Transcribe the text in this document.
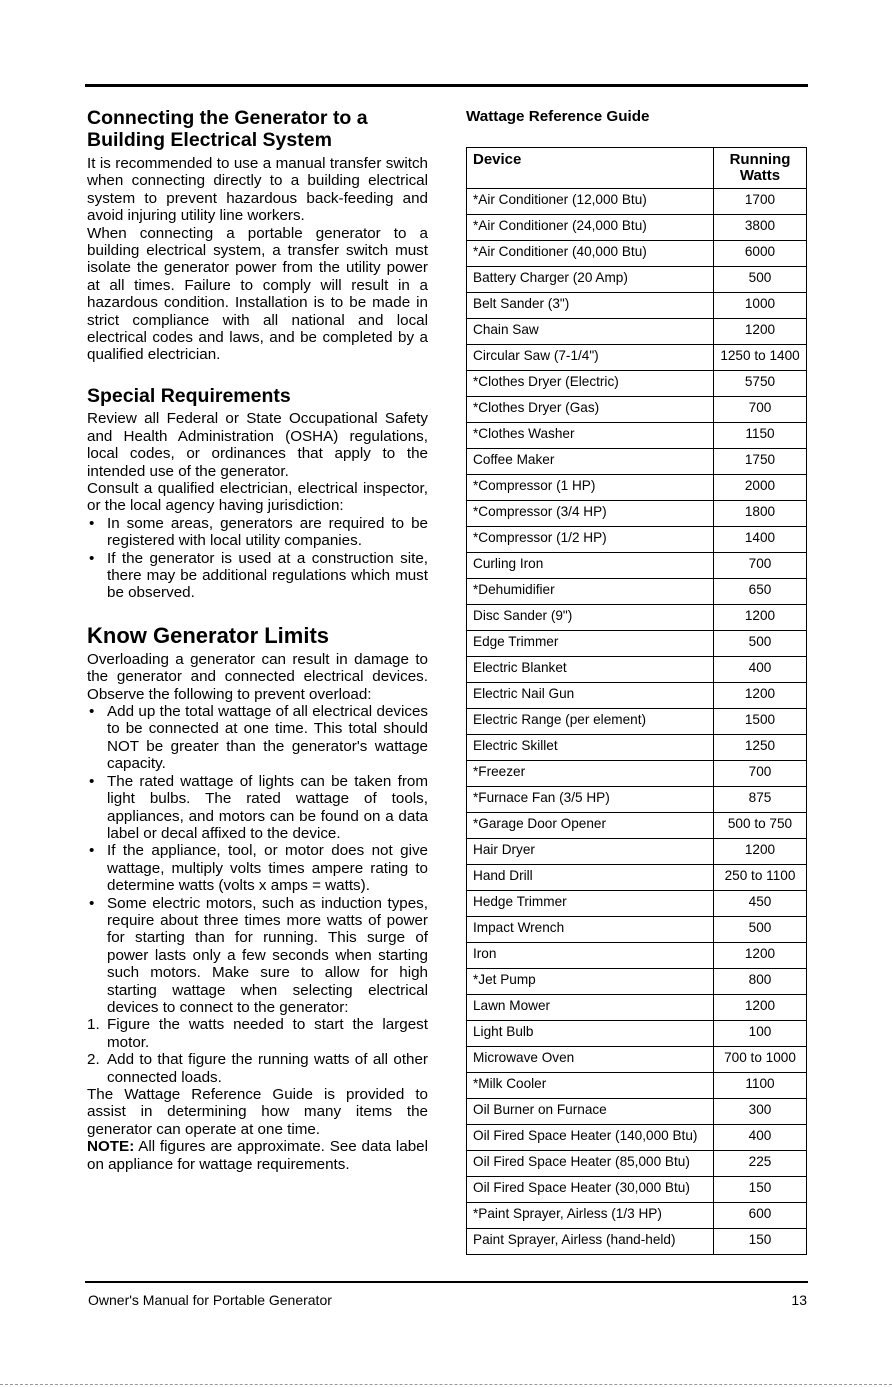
Connecting the Generator to a Building Electrical System

It is recommended to use a manual transfer switch when connecting directly to a building electrical system to prevent hazardous back-feeding and avoid injuring utility line workers.

When connecting a portable generator to a building electrical system, a transfer switch must isolate the generator power from the utility power at all times. Failure to comply will result in a hazardous condition. Installation is to be made in strict compliance with all national and local electrical codes and laws, and be completed by a qualified electrician.

Special Requirements

Review all Federal or State Occupational Safety and Health Administration (OSHA) regulations, local codes, or ordinances that apply to the intended use of the generator.

Consult a qualified electrician, electrical inspector, or the local agency having jurisdiction:

• In some areas, generators are required to be registered with local utility companies.
• If the generator is used at a construction site, there may be additional regulations which must be observed.
Know Generator Limits

Overloading a generator can result in damage to the generator and connected electrical devices. Observe the following to prevent overload:

• Add up the total wattage of all electrical devices to be connected at one time. This total should NOT be greater than the generator's wattage capacity.
• The rated wattage of lights can be taken from light bulbs. The rated wattage of tools, appliances, and motors can be found on a data label or decal affixed to the device.
• If the appliance, tool, or motor does not give wattage, multiply volts times ampere rating to determine watts (volts x amps = watts).
• Some electric motors, such as induction types, require about three times more watts of power for starting than for running. This surge of power lasts only a few seconds when starting such motors. Make sure to allow for high starting wattage when selecting electrical devices to connect to the generator:
1. Figure the watts needed to start the largest motor.
2. Add to that figure the running watts of all other connected loads.

The Wattage Reference Guide is provided to assist in determining how many items the generator can operate at one time.

NOTE: All figures are approximate. See data label on appliance for wattage requirements.

Wattage Reference Guide
Device	Running Watts
*Air Conditioner (12,000 Btu)	1700
*Air Conditioner (24,000 Btu)	3800
*Air Conditioner (40,000 Btu)	6000
Battery Charger (20 Amp)	500
Belt Sander (3")	1000
Chain Saw	1200
Circular Saw (7-1/4")	1250 to 1400
*Clothes Dryer (Electric)	5750
*Clothes Dryer (Gas)	700
*Clothes Washer	1150
Coffee Maker	1750
*Compressor (1 HP)	2000
*Compressor (3/4 HP)	1800
*Compressor (1/2 HP)	1400
Curling Iron	700
*Dehumidifier	650
Disc Sander (9")	1200
Edge Trimmer	500
Electric Blanket	400
Electric Nail Gun	1200
Electric Range (per element)	1500
Electric Skillet	1250
*Freezer	700
*Furnace Fan (3/5 HP)	875
*Garage Door Opener	500 to 750
Hair Dryer	1200
Hand Drill	250 to 1100
Hedge Trimmer	450
Impact Wrench	500
Iron	1200
*Jet Pump	800
Lawn Mower	1200
Light Bulb	100
Microwave Oven	700 to 1000
*Milk Cooler	1100
Oil Burner on Furnace	300
Oil Fired Space Heater (140,000 Btu)	400
Oil Fired Space Heater (85,000 Btu)	225
Oil Fired Space Heater (30,000 Btu)	150
*Paint Sprayer, Airless (1/3 HP)	600
Paint Sprayer, Airless (hand-held)	150
Owner's Manual for Portable Generator	13
